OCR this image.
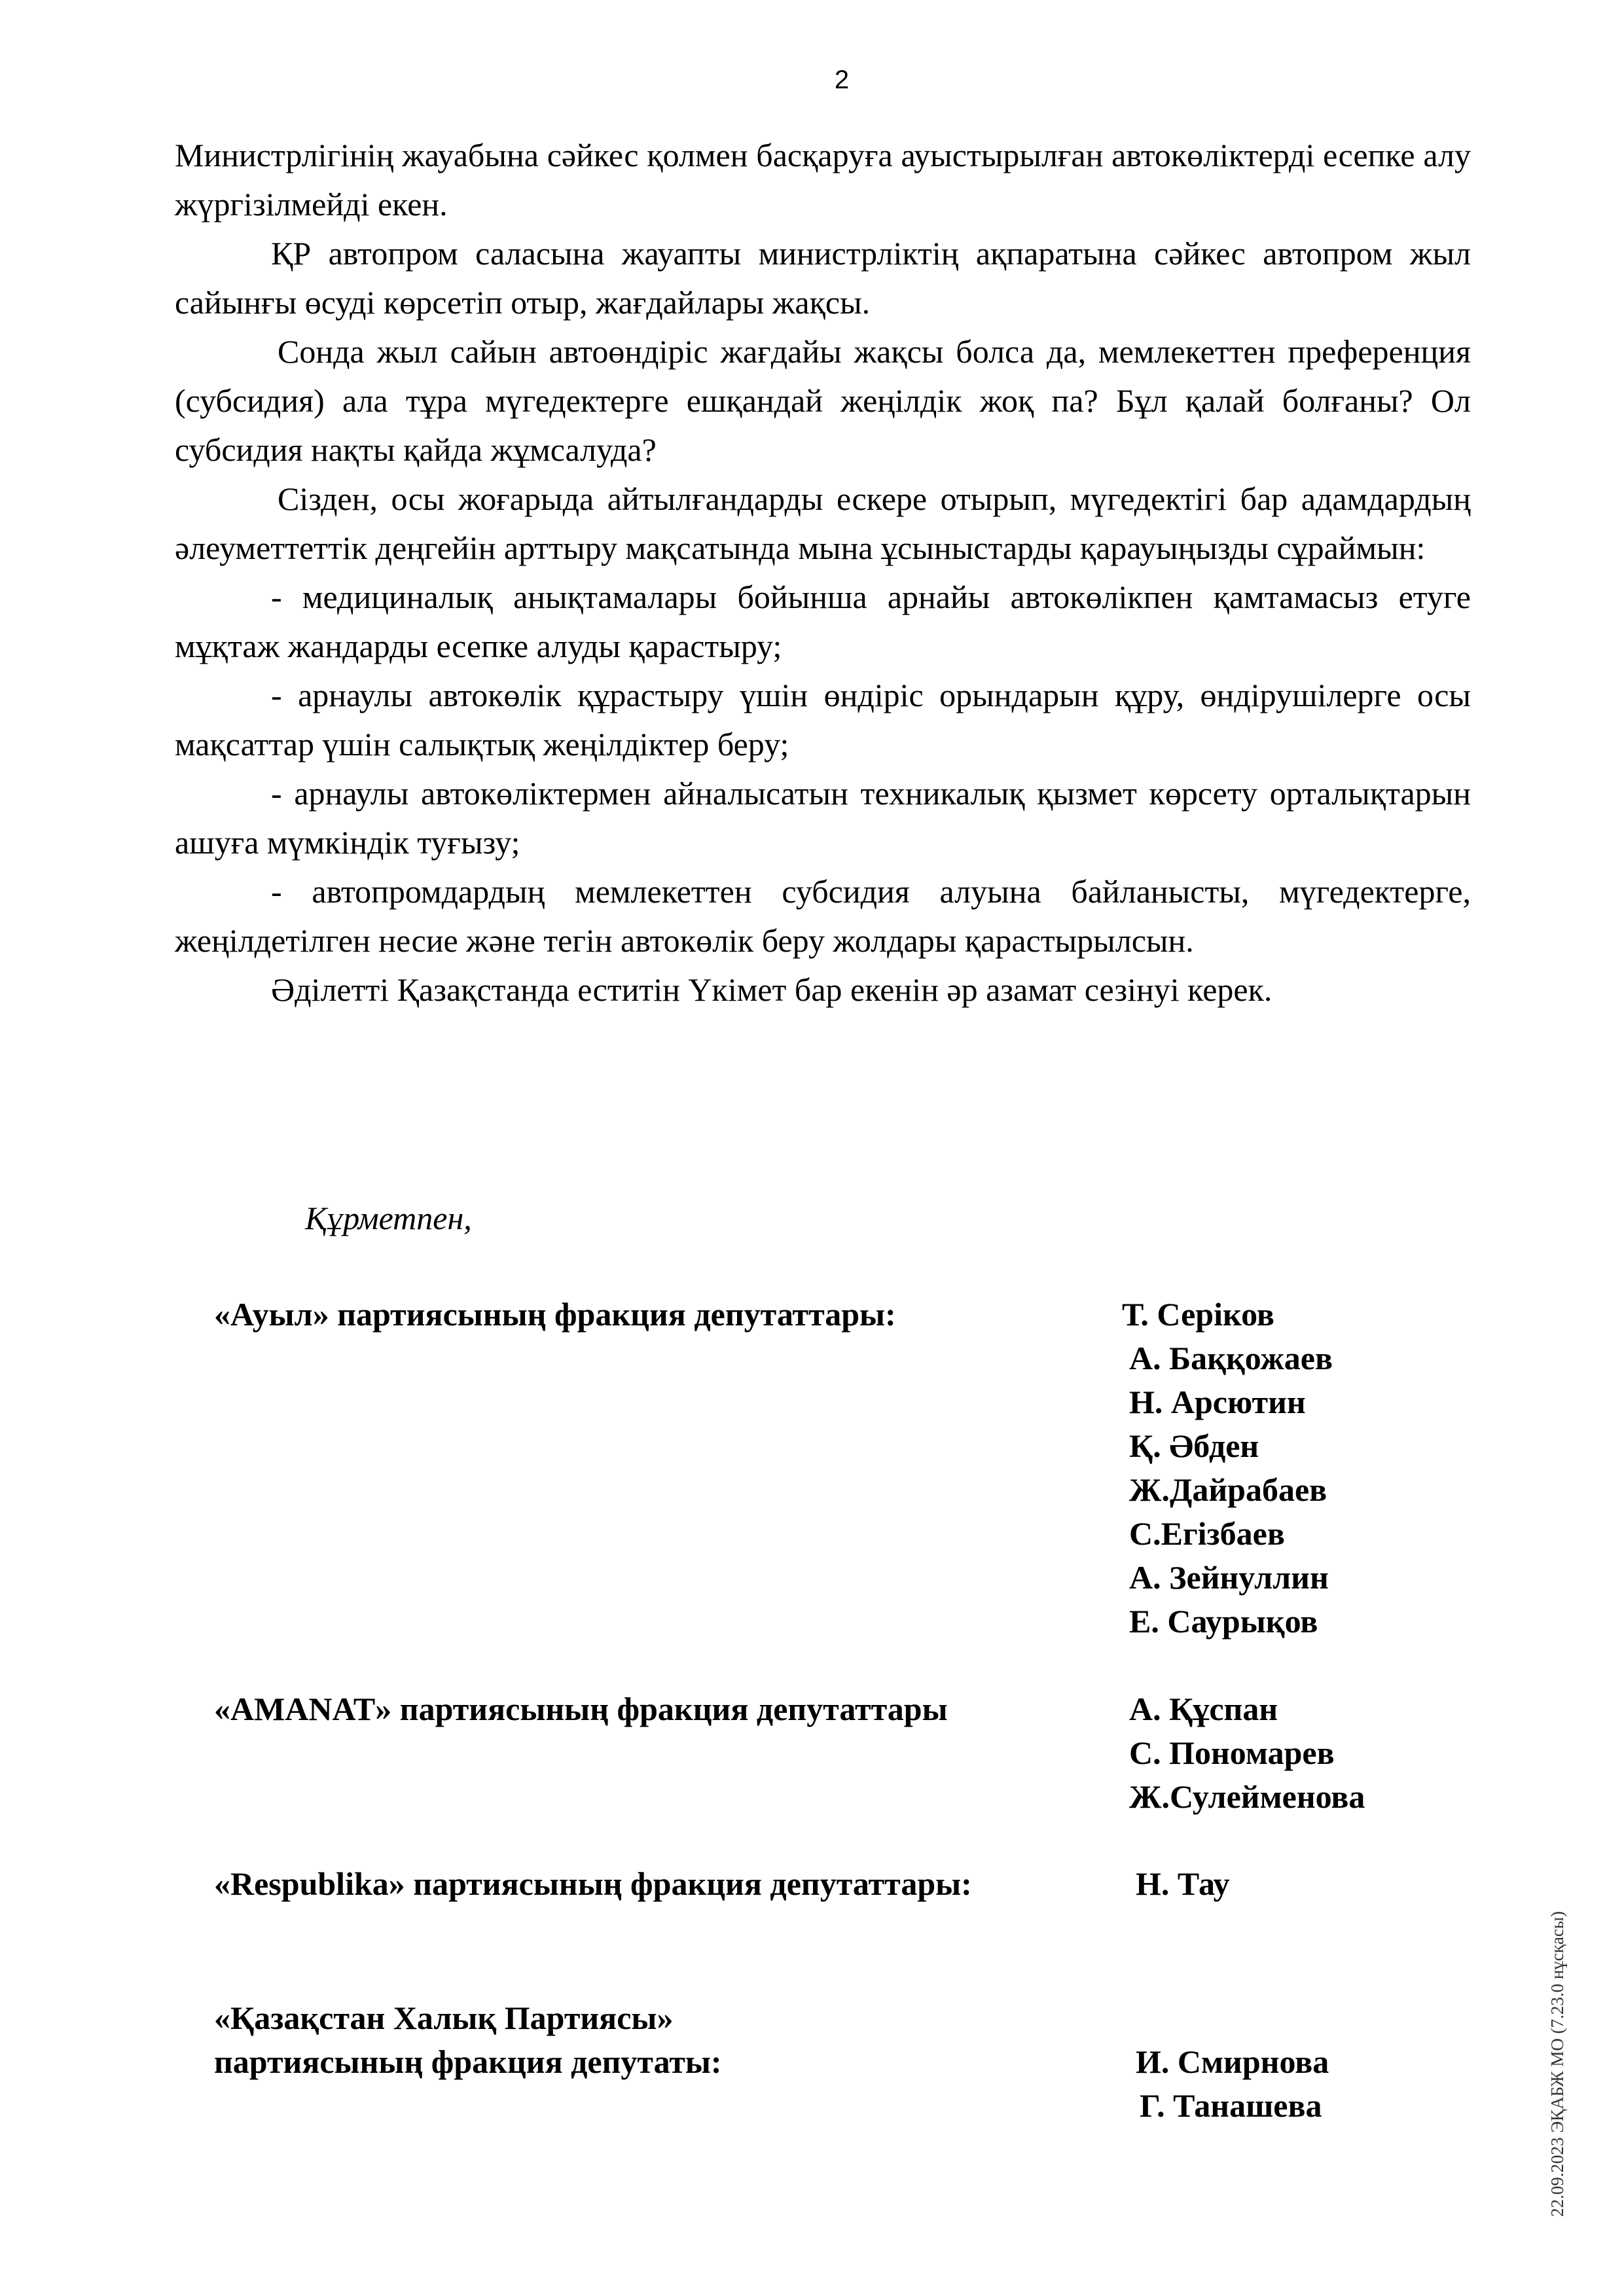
2

Министрлігінің жауабына сәйкес қолмен басқаруға ауыстырылған автокөліктерді есепке алу жүргізілмейді екен.

ҚР автопром саласына жауапты министрліктің ақпаратына сәйкес автопром жыл сайынғы өсуді көрсетіп отыр, жағдайлары жақсы.

Сонда жыл сайын автоөндіріс жағдайы жақсы болса да, мемлекеттен преференция (субсидия) ала тұра мүгедектерге ешқандай жеңілдік жоқ па? Бұл қалай болғаны? Ол субсидия нақты қайда жұмсалуда?

Сізден, осы жоғарыда айтылғандарды ескере отырып, мүгедектігі бар адамдардың әлеуметтеттік деңгейін арттыру мақсатында мына ұсыныстарды қарауыңызды сұраймын:

- медициналық анықтамалары бойынша арнайы автокөлікпен қамтамасыз етуге мұқтаж жандарды есепке алуды қарастыру;

- арнаулы автокөлік құрастыру үшін өндіріс орындарын құру, өндірушілерге осы мақсаттар үшін салықтық жеңілдіктер беру;

- арнаулы автокөліктермен айналысатын техникалық қызмет көрсету орталықтарын ашуға мүмкіндік туғызу;

- автопромдардың мемлекеттен субсидия алуына байланысты, мүгедектерге, жеңілдетілген несие және тегін автокөлік беру жолдары қарастырылсын.

Әділетті Қазақстанда еститін Үкімет бар екенін әр азамат сезінуі керек.

Құрметпен,
«Ауыл» партиясының фракция депутаттары:	Т. Серіков
А. Баққожаев
Н. Арсютин
Қ. Әбден
Ж.Дайрабаев
С.Егізбаев
А. Зейнуллин
Е. Саурықов
«AMANAT» партиясының фракция депутаттары	А. Құспан
С. Пономарев
Ж.Сулейменова
«Respublika» партиясының фракция депутаттары:	Н. Тау
«Қазақстан Халық Партиясы»
партиясының фракция депутаты:	И. Смирнова
Г. Танашева	22.09.2023 ЭҚАБЖ МО (7.23.0 нұсқасы)
